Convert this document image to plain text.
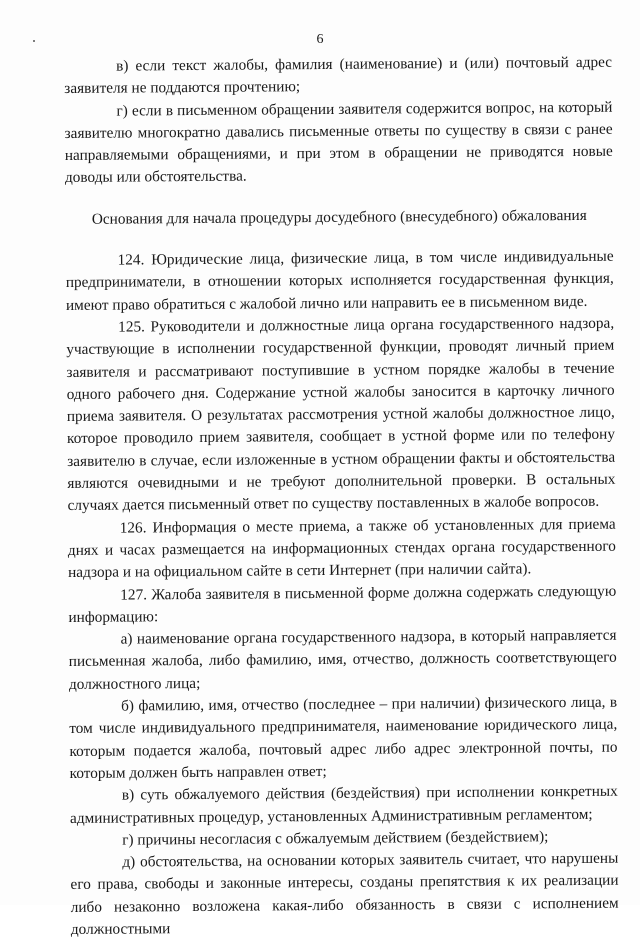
6

в) если текст жалобы, фамилия (наименование) и (или) почтовый адрес заявителя не поддаются прочтению;

г) если в письменном обращении заявителя содержится вопрос, на который заявителю многократно давались письменные ответы по существу в связи с ранее направляемыми обращениями, и при этом в обращении не приводятся новые доводы или обстоятельства.

Основания для начала процедуры досудебного (внесудебного) обжалования

124. Юридические лица, физические лица, в том числе индивидуальные предприниматели, в отношении которых исполняется государственная функция, имеют право обратиться с жалобой лично или направить ее в письменном виде.

125. Руководители и должностные лица органа государственного надзора, участвующие в исполнении государственной функции, проводят личный прием заявителя и рассматривают поступившие в устном порядке жалобы в течение одного рабочего дня. Содержание устной жалобы заносится в карточку личного приема заявителя. О результатах рассмотрения устной жалобы должностное лицо, которое проводило прием заявителя, сообщает в устной форме или по телефону заявителю в случае, если изложенные в устном обращении факты и обстоятельства являются очевидными и не требуют дополнительной проверки. В остальных случаях дается письменный ответ по существу поставленных в жалобе вопросов.

126. Информация о месте приема, а также об установленных для приема днях и часах размещается на информационных стендах органа государственного надзора и на официальном сайте в сети Интернет (при наличии сайта).

127. Жалоба заявителя в письменной форме должна содержать следующую информацию:

а) наименование органа государственного надзора, в который направляется письменная жалоба, либо фамилию, имя, отчество, должность соответствующего должностного лица;

б) фамилию, имя, отчество (последнее – при наличии) физического лица, в том числе индивидуального предпринимателя, наименование юридического лица, которым подается жалоба, почтовый адрес либо адрес электронной почты, по которым должен быть направлен ответ;

в) суть обжалуемого действия (бездействия) при исполнении конкретных административных процедур, установленных Административным регламентом;

г) причины несогласия с обжалуемым действием (бездействием);

д) обстоятельства, на основании которых заявитель считает, что нарушены его права, свободы и законные интересы, созданы препятствия к их реализации либо незаконно возложена какая-либо обязанность в связи с исполнением должностными
